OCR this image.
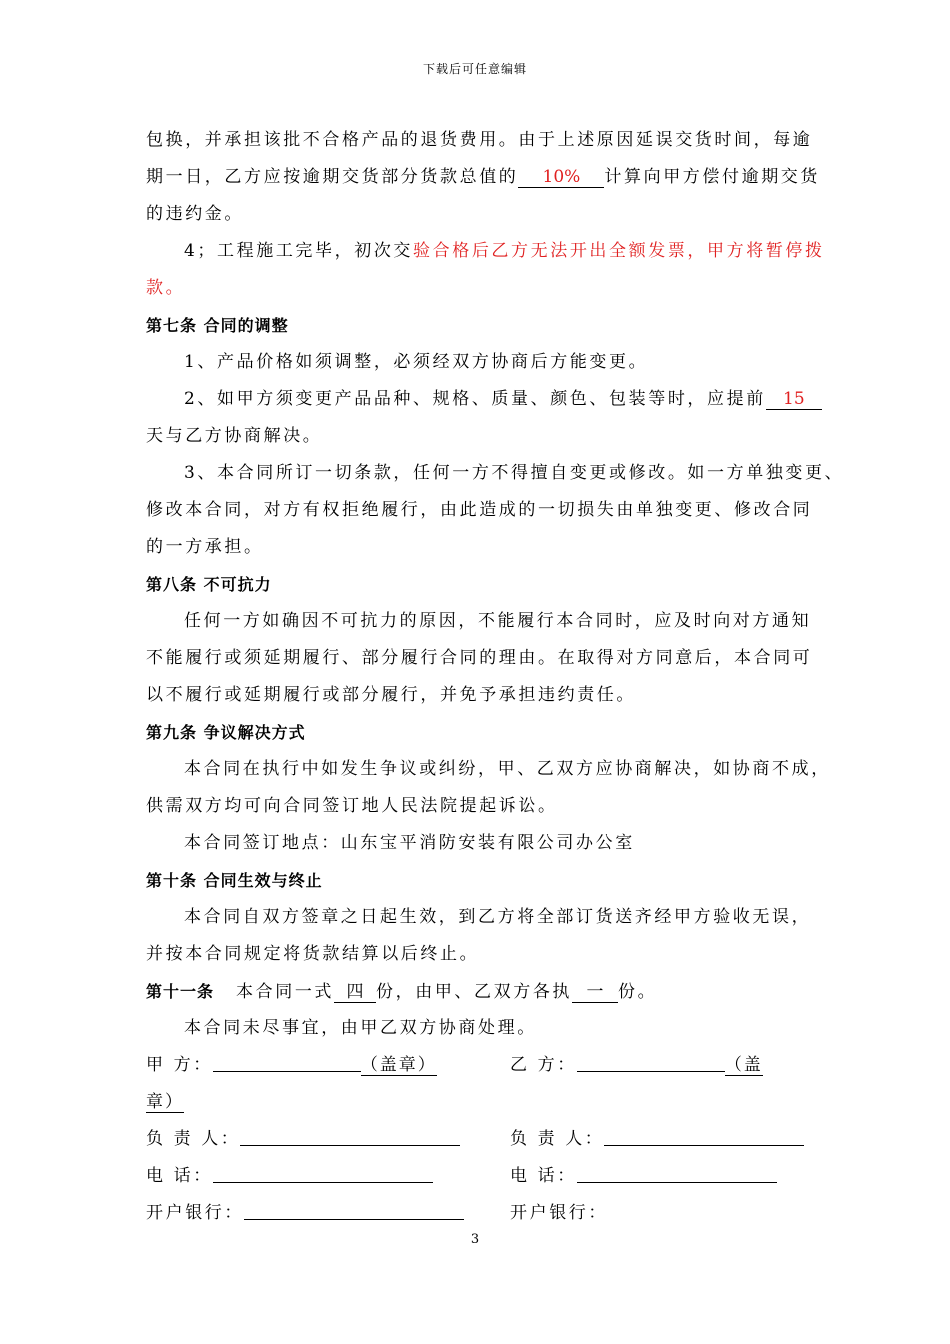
下载后可任意编辑
包换，并承担该批不合格产品的退货费用。由于上述原因延误交货时间，每逾
期一日，乙方应按逾期交货部分货款总值的 10% 计算向甲方偿付逾期交货
的违约金。
4；工程施工完毕，初次交验合格后乙方无法开出全额发票，甲方将暂停拨
款。
第七条 合同的调整
1、产品价格如须调整，必须经双方协商后方能变更。
2、如甲方须变更产品品种、规格、质量、颜色、包装等时，应提前 15
天与乙方协商解决。
3、本合同所订一切条款，任何一方不得擅自变更或修改。如一方单独变更、
修改本合同，对方有权拒绝履行，由此造成的一切损失由单独变更、修改合同
的一方承担。
第八条 不可抗力
任何一方如确因不可抗力的原因，不能履行本合同时，应及时向对方通知
不能履行或须延期履行、部分履行合同的理由。在取得对方同意后，本合同可
以不履行或延期履行或部分履行，并免予承担违约责任。
第九条 争议解决方式
本合同在执行中如发生争议或纠纷，甲、乙双方应协商解决，如协商不成，
供需双方均可向合同签订地人民法院提起诉讼。
本合同签订地点：山东宝平消防安装有限公司办公室
第十条 合同生效与终止
本合同自双方签章之日起生效，到乙方将全部订货送齐经甲方验收无误，
并按本合同规定将货款结算以后终止。
第十一条 本合同一式 四 份，由甲、乙双方各执 一 份。
本合同未尽事宜，由甲乙双方协商处理。
甲 方：	（盖章）	乙 方：	（盖
章）
负 责 人：	负 责 人：
电 话：	电 话：
开户银行：	开户银行：
3
